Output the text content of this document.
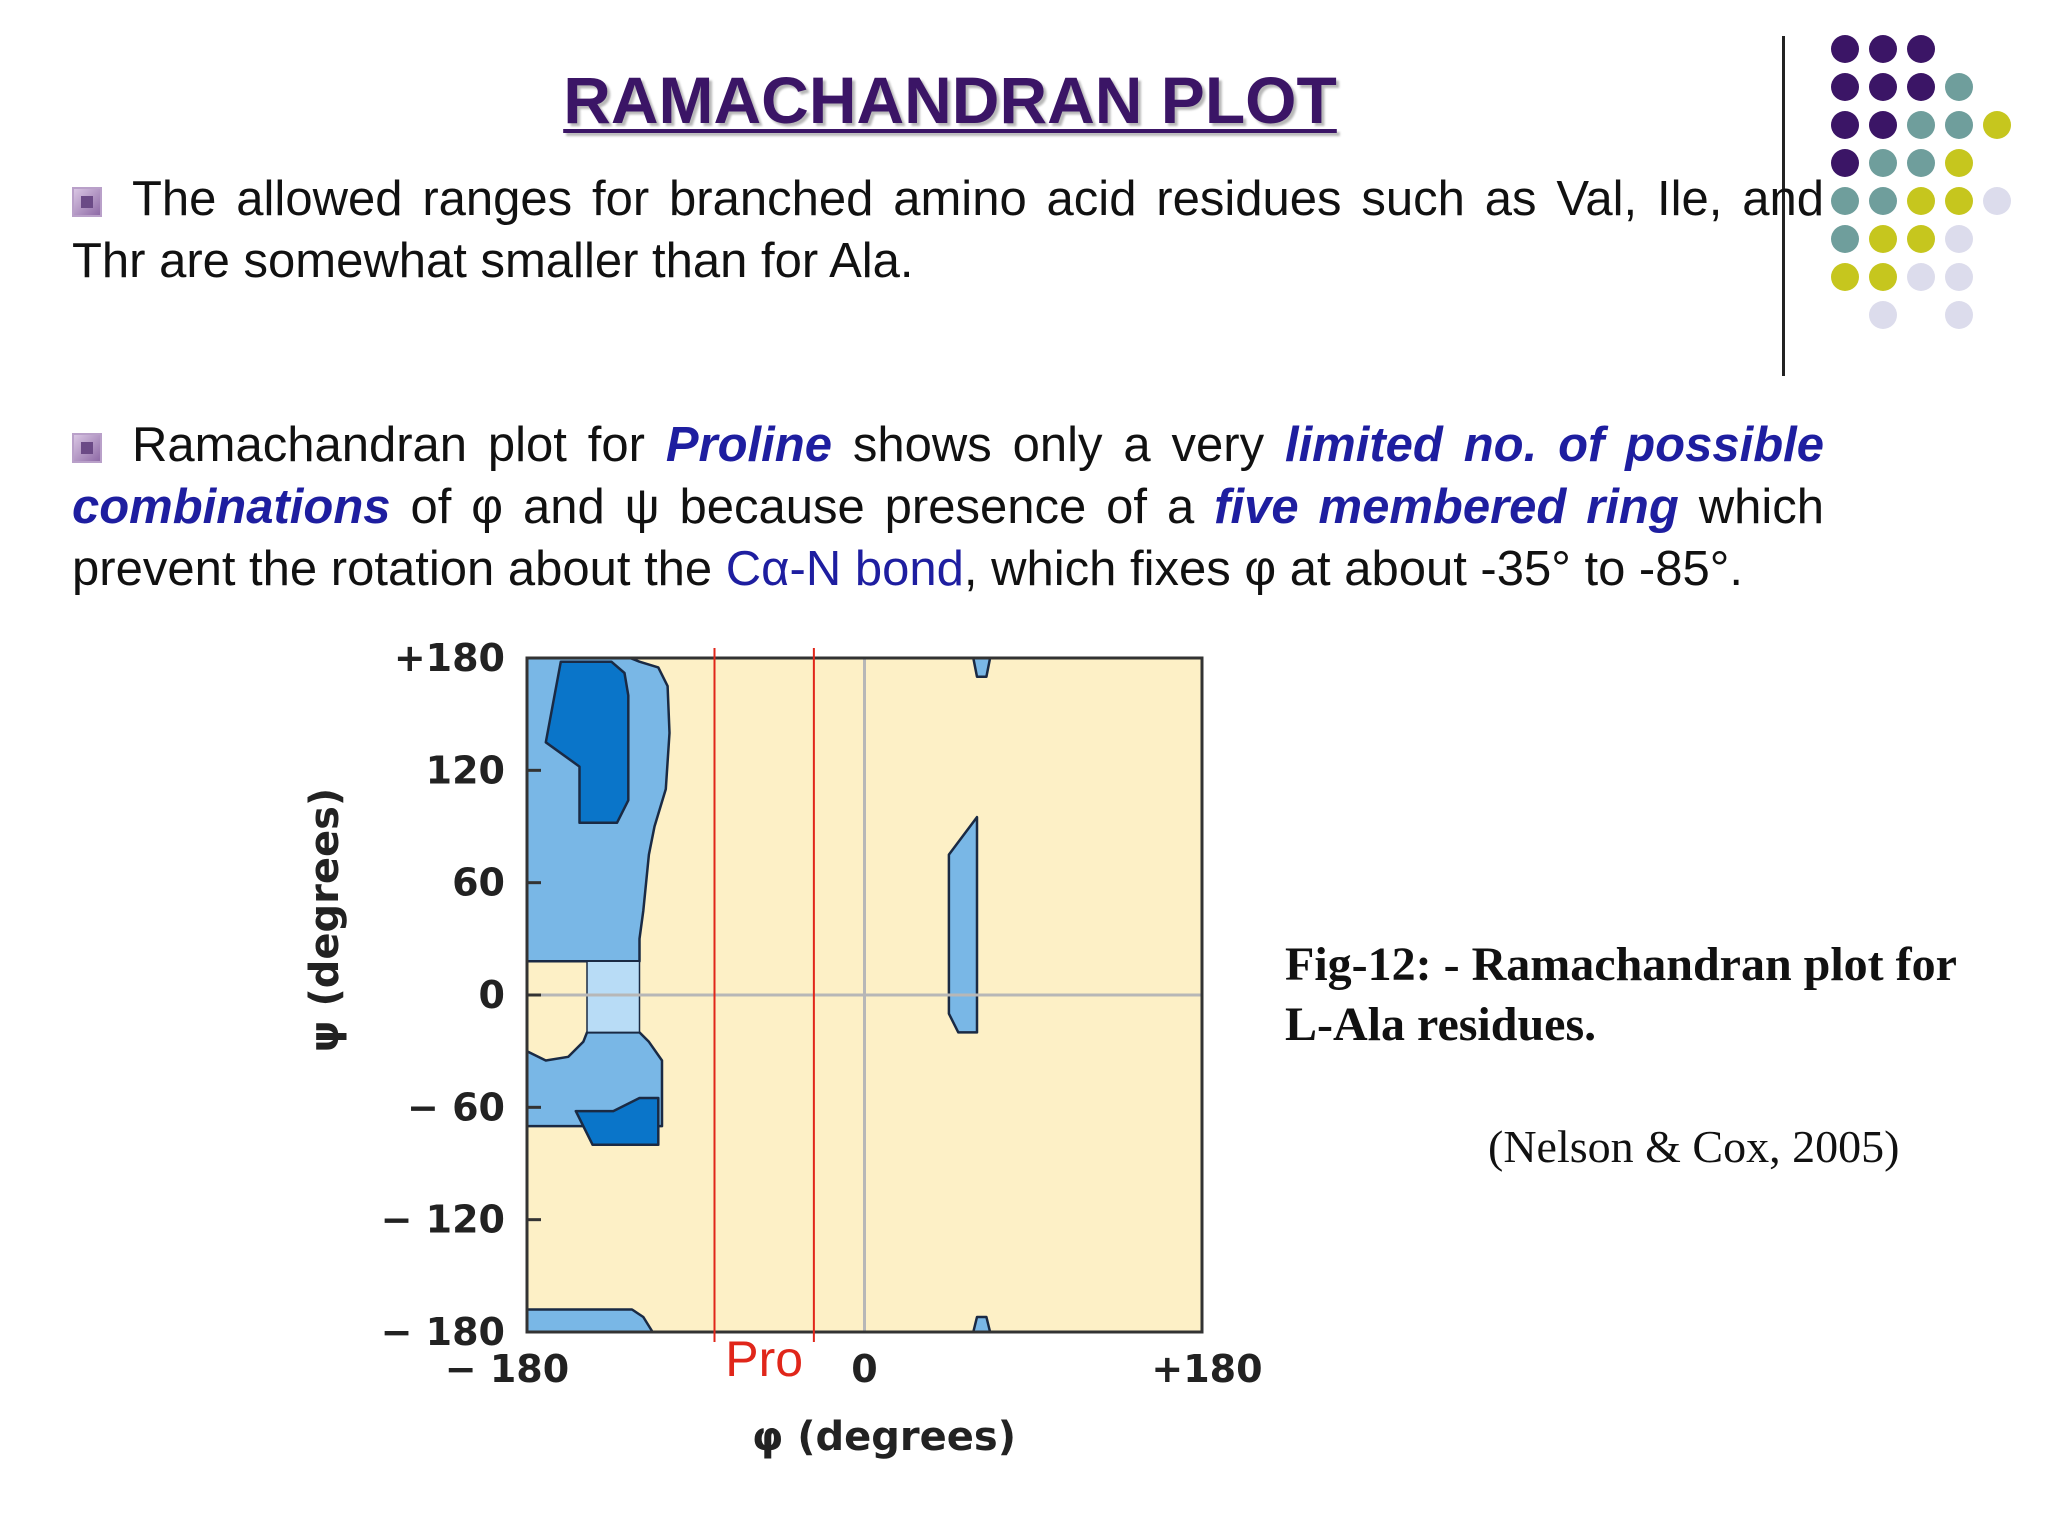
RAMACHANDRAN PLOT
The allowed ranges for branched amino acid residues such as Val, Ile, and Thr are somewhat smaller than for Ala.
Ramachandran plot for Proline shows only a very limited no. of possible combinations of φ and ψ because presence of a five membered ring which prevent the rotation about the Cα-N bond, which fixes φ at about -35° to -85°.
+180
120
60
0
− 60
− 120
− 180
− 180	0	+180
Pro
ψ (degrees)
φ (degrees)
Fig-12: - Ramachandran plot for
L-Ala residues.
(Nelson & Cox, 2005)
